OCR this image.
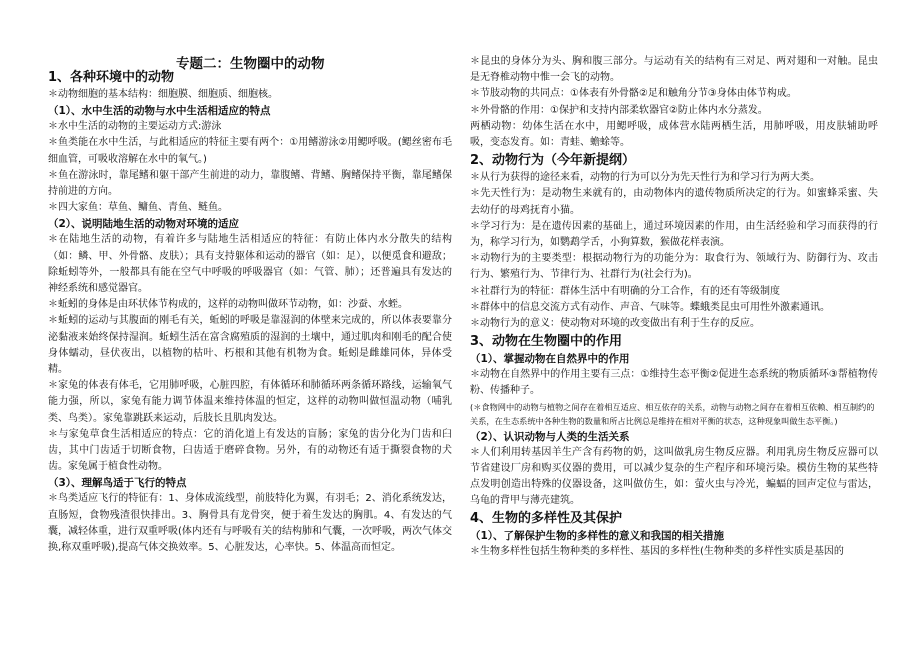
专题二：生物圈中的动物
1、各种环境中的动物
＊动物细胞的基本结构：细胞膜、细胞质、细胞核。
（1）、水中生活的动物与水中生活相适应的特点
＊水中生活的动物的主要运动方式:游泳
＊鱼类能在水中生活，与此相适应的特征主要有两个：①用鳍游泳②用鳃呼吸。(鳃丝密布毛细血管，可吸收溶解在水中的氧气。)
＊鱼在游泳时，靠尾鳍和躯干部产生前进的动力，靠腹鳍、背鳍、胸鳍保持平衡，靠尾鳍保持前进的方向。
＊四大家鱼：草鱼、鳙鱼、青鱼、鲢鱼。
（2）、说明陆地生活的动物对环境的适应
＊在陆地生活的动物，有着许多与陆地生活相适应的特征：有防止体内水分散失的结构（如：鳞、甲、外骨骼、皮肤）；具有支持躯体和运动的器官（如：足），以便觅食和避敌；除蚯蚓等外，一般都具有能在空气中呼吸的呼吸器官（如：气管、肺）；还普遍具有发达的神经系统和感觉器官。
＊蚯蚓的身体是由环状体节构成的，这样的动物叫做环节动物，如：沙蚕、水蛭。
＊蚯蚓的运动与其腹面的刚毛有关，蚯蚓的呼吸是靠湿润的体壁来完成的，所以体表要靠分泌黏液来始终保持湿润。蚯蚓生活在富含腐殖质的湿润的土壤中，通过肌肉和刚毛的配合使身体蠕动，昼伏夜出，以植物的枯叶、朽根和其他有机物为食。蚯蚓是雌雄同体，异体受精。
＊家兔的体表有体毛，它用肺呼吸，心脏四腔，有体循环和肺循环两条循环路线，运输氧气能力强，所以，家兔有能力调节体温来维持体温的恒定，这样的动物叫做恒温动物（哺乳类、鸟类）。家兔靠跳跃来运动，后肢长且肌肉发达。
＊与家兔草食生活相适应的特点：它的消化道上有发达的盲肠；家兔的齿分化为门齿和臼齿，其中门齿适于切断食物，臼齿适于磨碎食物。另外，有的动物还有适于撕裂食物的犬齿。家兔属于植食性动物。
（3）、理解鸟适于飞行的特点
＊鸟类适应飞行的特征有：1、身体成流线型，前肢特化为翼，有羽毛；2、消化系统发达，直肠短，食物残渣很快排出。3、胸骨具有龙骨突，便于着生发达的胸肌。4、有发达的气囊，减轻体重，进行双重呼吸(体内还有与呼吸有关的结构肺和气囊，一次呼吸，两次气体交换,称双重呼吸),提高气体交换效率。5、心脏发达，心率快。5、体温高而恒定。
＊昆虫的身体分为头、胸和腹三部分。与运动有关的结构有三对足、两对翅和一对触。昆虫是无脊椎动物中惟一会飞的动物。
＊节肢动物的共同点：①体表有外骨骼②足和触角分节③身体由体节构成。
＊外骨骼的作用：①保护和支持内部柔软器官②防止体内水分蒸发。
两栖动物：幼体生活在水中，用鳃呼吸，成体营水陆两栖生活，用肺呼吸，用皮肤辅助呼吸，变态发育。如：青蛙、蟾蜍等。
2、动物行为（今年新提纲）
＊从行为获得的途径来看，动物的行为可以分为先天性行为和学习行为两大类。
＊先天性行为：是动物生来就有的，由动物体内的遗传物质所决定的行为。如蜜蜂采蜜、失去幼仔的母鸡抚育小猫。
＊学习行为：是在遗传因素的基础上，通过环境因素的作用，由生活经验和学习而获得的行为，称学习行为，如鹦鹉学舌，小狗算数，猴做花样表演。
＊动物行为的主要类型：根据动物行为的功能分为：取食行为、领域行为、防御行为、攻击行为、繁殖行为、节律行为、社群行为(社会行为)。
＊社群行为的特征：群体生活中有明确的分工合作，有的还有等级制度
＊群体中的信息交流方式有动作、声音、气味等。蝶蛾类昆虫可用性外激素通讯。
＊动物行为的意义：使动物对环境的改变做出有利于生存的反应。
3、动物在生物圈中的作用
（1）、掌握动物在自然界中的作用
＊动物在自然界中的作用主要有三点：①维持生态平衡②促进生态系统的物质循环③帮植物传粉、传播种子。
(＊食物网中的动物与植物之间存在着相互适应、相互依存的关系，动物与动物之间存在着相互依赖、相互制约的关系，在生态系统中各种生物的数量和所占比例总是维持在相对平衡的状态，这种现象叫做生态平衡。)
（2）、认识动物与人类的生活关系
＊人们利用转基因羊生产含有药物的奶，这叫做乳房生物反应器。利用乳房生物反应器可以节省建设厂房和购买仪器的费用，可以减少复杂的生产程序和环境污染。模仿生物的某些特点发明创造出特殊的仪器设备，这叫做仿生，如：萤火虫与冷光，蝙蝠的回声定位与雷达，乌龟的背甲与薄壳建筑。
4、生物的多样性及其保护
（1）、了解保护生物的多样性的意义和我国的相关措施
＊生物多样性包括生物种类的多样性、基因的多样性(生物种类的多样性实质是基因的
